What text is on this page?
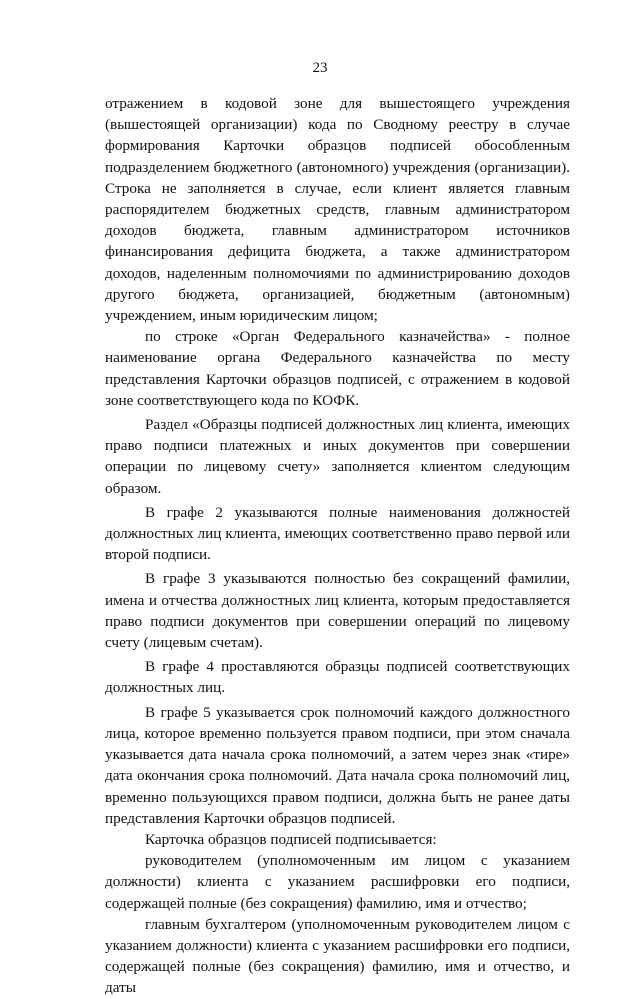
23

отражением в кодовой зоне для вышестоящего учреждения (вышестоящей организации) кода по Сводному реестру в случае формирования Карточки образцов подписей обособленным подразделением бюджетного (автономного) учреждения (организации). Строка не заполняется в случае, если клиент является главным распорядителем бюджетных средств, главным администратором доходов бюджета, главным администратором источников финансирования дефицита бюджета, а также администратором доходов, наделенным полномочиями по администрированию доходов другого бюджета, организацией, бюджетным (автономным) учреждением, иным юридическим лицом;

по строке «Орган Федерального казначейства» - полное наименование органа Федерального казначейства по месту представления Карточки образцов подписей, с отражением в кодовой зоне соответствующего кода по КОФК.

Раздел «Образцы подписей должностных лиц клиента, имеющих право подписи платежных и иных документов при совершении операции по лицевому счету» заполняется клиентом следующим образом.

В графе 2 указываются полные наименования должностей должностных лиц клиента, имеющих соответственно право первой или второй подписи.

В графе 3 указываются полностью без сокращений фамилии, имена и отчества должностных лиц клиента, которым предоставляется право подписи документов при совершении операций по лицевому счету (лицевым счетам).

В графе 4 проставляются образцы подписей соответствующих должностных лиц.

В графе 5 указывается срок полномочий каждого должностного лица, которое временно пользуется правом подписи, при этом сначала указывается дата начала срока полномочий, а затем через знак «тире» дата окончания срока полномочий. Дата начала срока полномочий лиц, временно пользующихся правом подписи, должна быть не ранее даты представления Карточки образцов подписей.

Карточка образцов подписей подписывается:

руководителем (уполномоченным им лицом с указанием должности) клиента с указанием расшифровки его подписи, содержащей полные (без сокращения) фамилию, имя и отчество;

главным бухгалтером (уполномоченным руководителем лицом с указанием должности) клиента с указанием расшифровки его подписи, содержащей полные (без сокращения) фамилию, имя и отчество, и даты
